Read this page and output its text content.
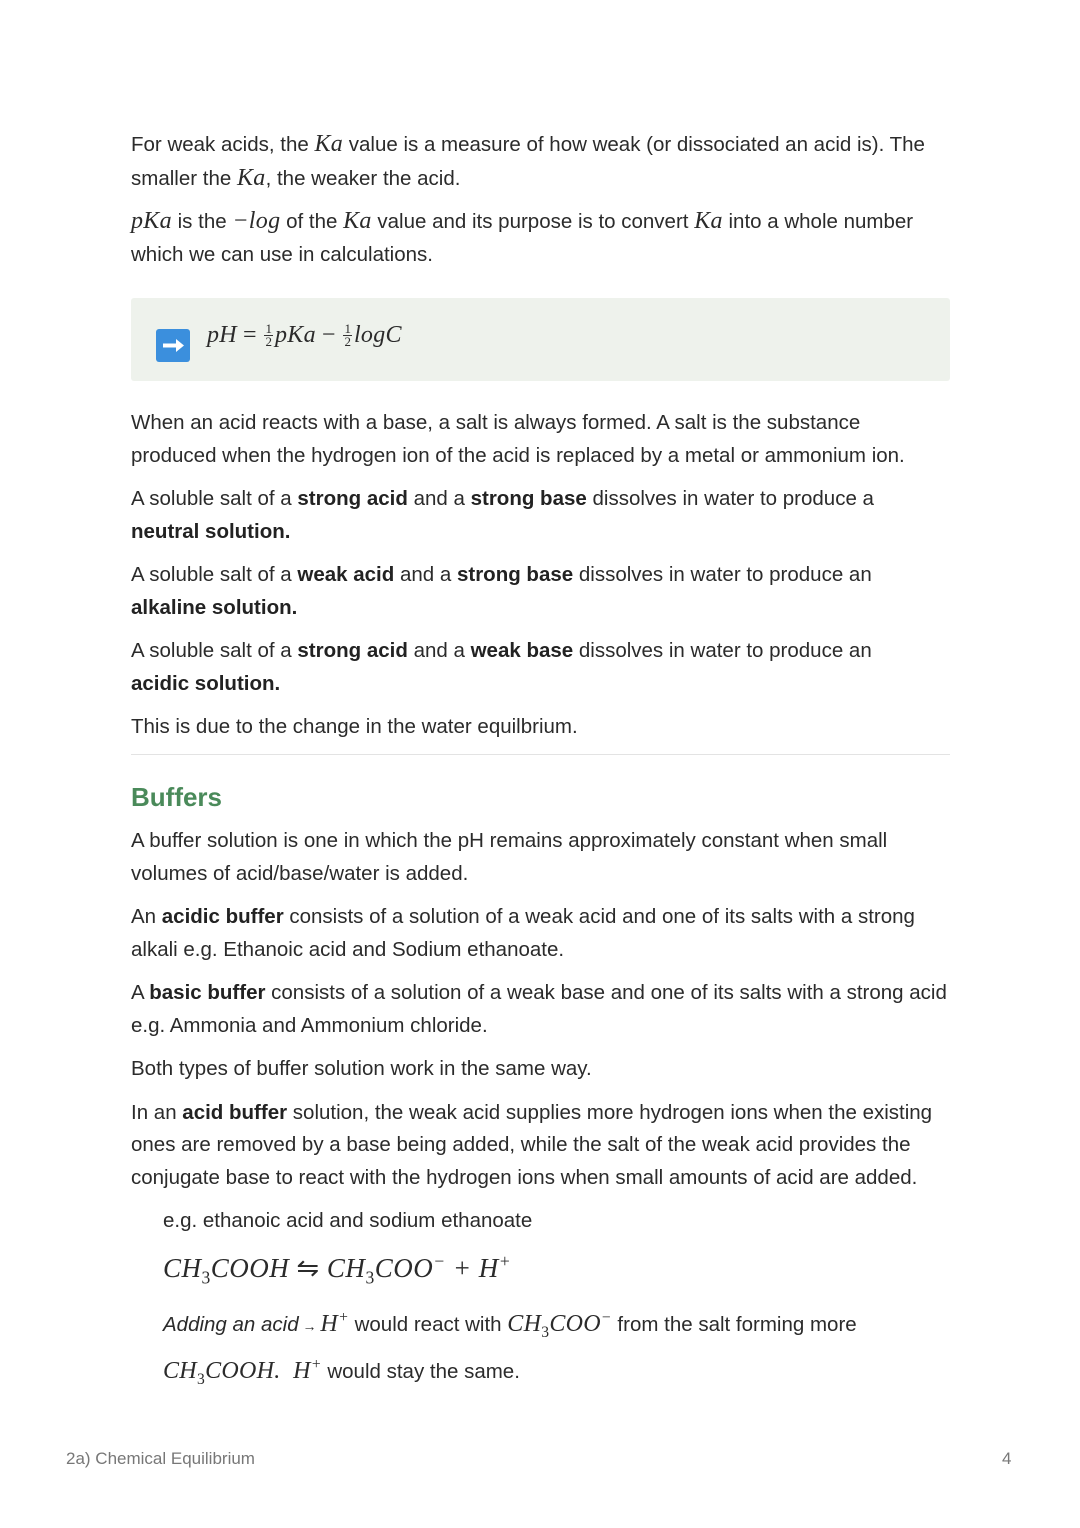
For weak acids, the Ka value is a measure of how weak (or dissociated an acid is). The smaller the Ka, the weaker the acid.

pKa is the −log of the Ka value and its purpose is to convert Ka into a whole number which we can use in calculations.

pH = $\frac{1}{2}$ pKa − $\frac{1}{2}$ logC

When an acid reacts with a base, a salt is always formed. A salt is the substance produced when the hydrogen ion of the acid is replaced by a metal or ammonium ion.

A soluble salt of a strong acid and a strong base dissolves in water to produce a
neutral solution.

A soluble salt of a weak acid and a strong base dissolves in water to produce an
alkaline solution.

A soluble salt of a strong acid and a weak base dissolves in water to produce an
acidic solution.

This is due to the change in the water equilbrium.

Buffers

A buffer solution is one in which the pH remains approximately constant when small volumes of acid/base/water is added.

An acidic buffer consists of a solution of a weak acid and one of its salts with a strong alkali e.g. Ethanoic acid and Sodium ethanoate.

A basic buffer consists of a solution of a weak base and one of its salts with a strong acid e.g. Ammonia and Ammonium chloride.

Both types of buffer solution work in the same way.

In an acid buffer solution, the weak acid supplies more hydrogen ions when the existing ones are removed by a base being added, while the salt of the weak acid provides the conjugate base to react with the hydrogen ions when small amounts of acid are added.

e.g. ethanoic acid and sodium ethanoate

$CH_3COOH$ ⇋ $CH_3COO^- + H^+$

Adding an acid → H+ would react with $CH_3COO^-$ from the salt forming more
$CH_3COOH$.  H+ would stay the same.

2a) Chemical Equilibrium	4
